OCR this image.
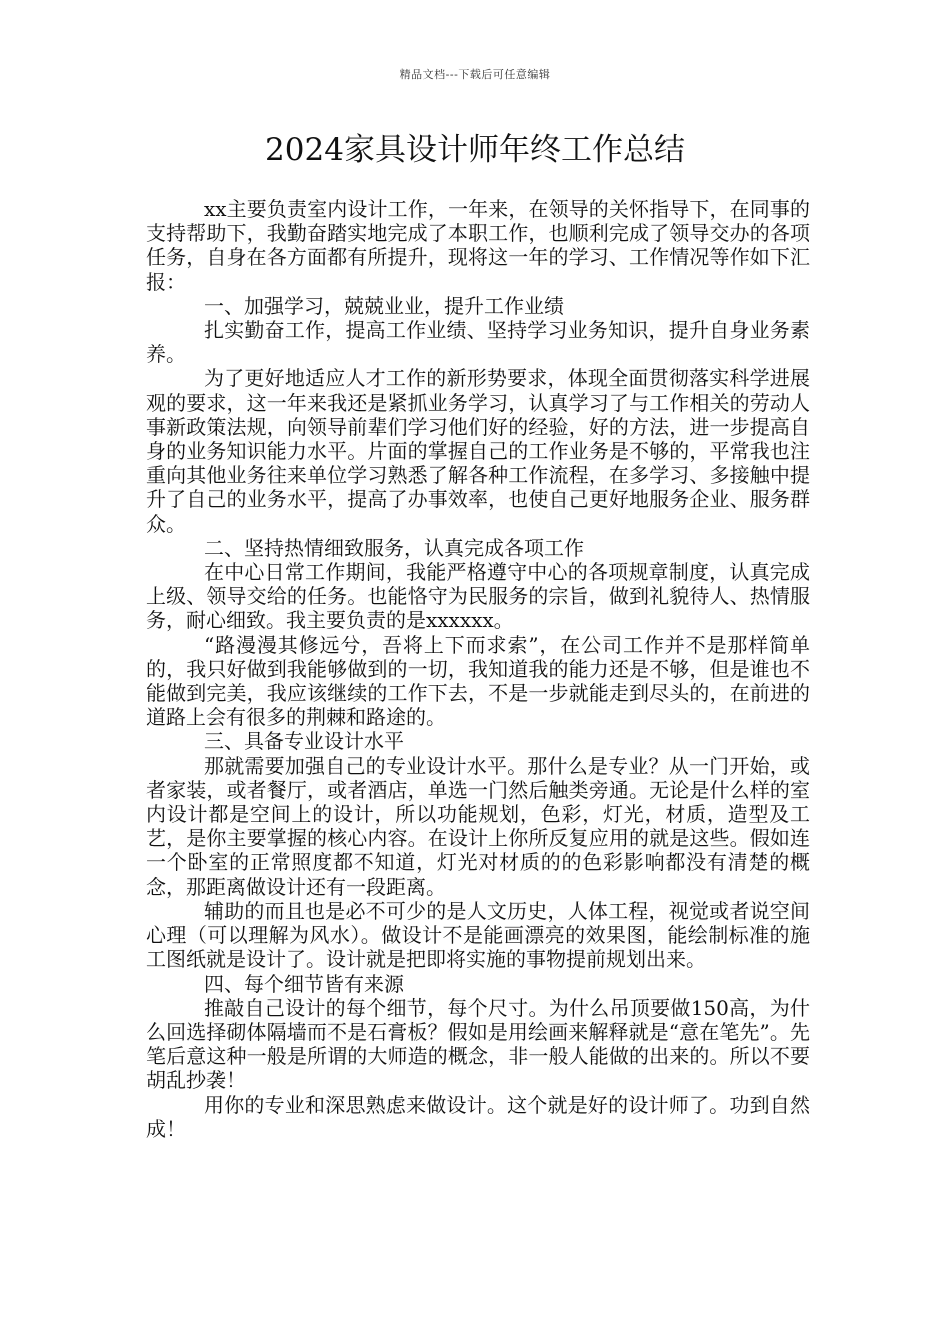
精品文档---下载后可任意编辑
2024家具设计师年终工作总结

xx主要负责室内设计工作，一年来，在领导的关怀指导下，在同事的支持帮助下，我勤奋踏实地完成了本职工作，也顺利完成了领导交办的各项任务，自身在各方面都有所提升，现将这一年的学习、工作情况等作如下汇报：

一、加强学习，兢兢业业，提升工作业绩

扎实勤奋工作，提高工作业绩、坚持学习业务知识，提升自身业务素养。

为了更好地适应人才工作的新形势要求，体现全面贯彻落实科学进展观的要求，这一年来我还是紧抓业务学习，认真学习了与工作相关的劳动人事新政策法规，向领导前辈们学习他们好的经验，好的方法，进一步提高自身的业务知识能力水平。片面的掌握自己的工作业务是不够的，平常我也注重向其他业务往来单位学习熟悉了解各种工作流程，在多学习、多接触中提升了自己的业务水平，提高了办事效率，也使自己更好地服务企业、服务群众。

二、坚持热情细致服务，认真完成各项工作

在中心日常工作期间，我能严格遵守中心的各项规章制度，认真完成上级、领导交给的任务。也能恪守为民服务的宗旨，做到礼貌待人、热情服务，耐心细致。我主要负责的是xxxxxx。

“路漫漫其修远兮，吾将上下而求索”，在公司工作并不是那样简单的，我只好做到我能够做到的一切，我知道我的能力还是不够，但是谁也不能做到完美，我应该继续的工作下去，不是一步就能走到尽头的，在前进的道路上会有很多的荆棘和路途的。

三、具备专业设计水平

那就需要加强自己的专业设计水平。那什么是专业？从一门开始，或者家装，或者餐厅，或者酒店，单选一门然后触类旁通。无论是什么样的室内设计都是空间上的设计，所以功能规划，色彩，灯光，材质，造型及工艺，是你主要掌握的核心内容。在设计上你所反复应用的就是这些。假如连一个卧室的正常照度都不知道，灯光对材质的的色彩影响都没有清楚的概念，那距离做设计还有一段距离。

辅助的而且也是必不可少的是人文历史，人体工程，视觉或者说空间心理（可以理解为风水）。做设计不是能画漂亮的效果图，能绘制标准的施工图纸就是设计了。设计就是把即将实施的事物提前规划出来。

四、每个细节皆有来源

推敲自己设计的每个细节，每个尺寸。为什么吊顶要做150高，为什么回选择砌体隔墙而不是石膏板？假如是用绘画来解释就是“意在笔先”。先笔后意这种一般是所谓的大师造的概念，非一般人能做的出来的。所以不要胡乱抄袭！

用你的专业和深思熟虑来做设计。这个就是好的设计师了。功到自然成！
